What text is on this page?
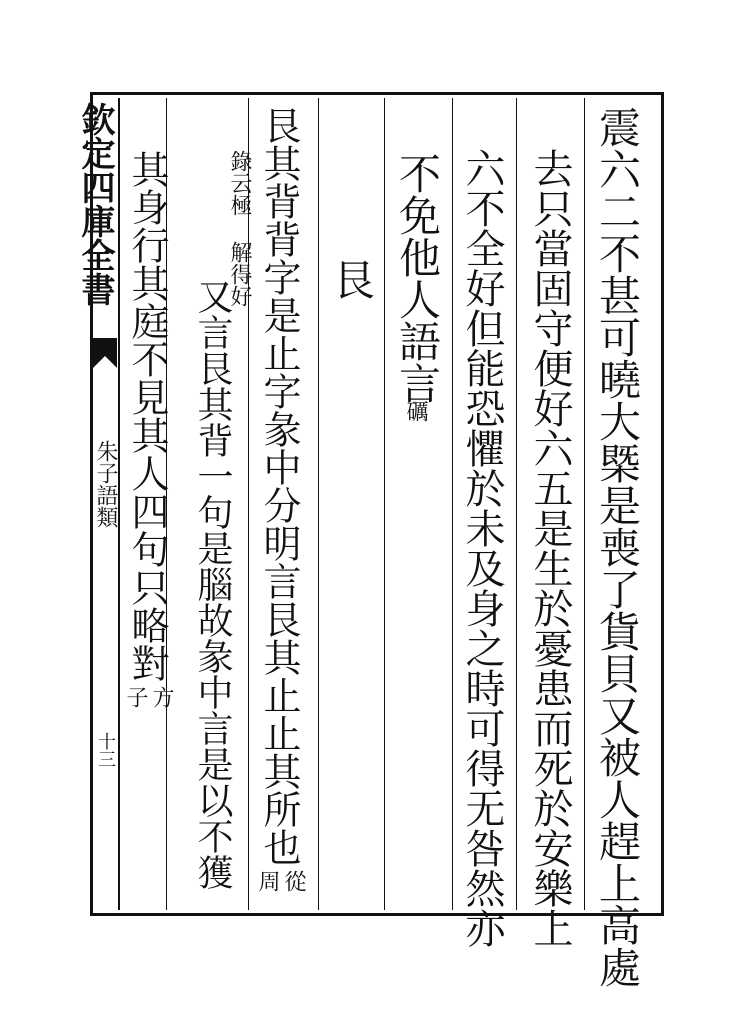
欽定四庫全書
朱子語類
十三	震六二不甚可曉大槩是喪了貨貝又被人趕上高處
去只當固守便好六五是生於憂患而死於安樂上
六不全好但能恐懼於未及身之時可得无咎然亦
不免他人語言
礪
艮
艮其背背字是止字彖中分明言艮其止止其所也
從
周
錄云極 解得好
又言艮其背一句是腦故彖中言是以不獲
其身行其庭不見其人四句只略對
方
子
